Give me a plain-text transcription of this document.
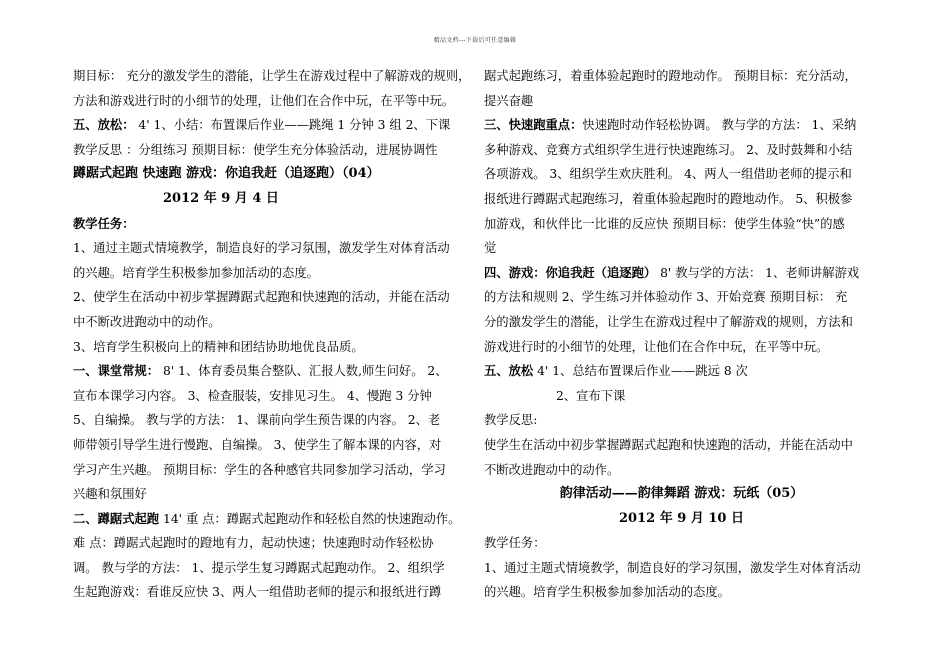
精品文档---下载后可任意编辑

期目标： 充分的激发学生的潜能，让学生在游戏过程中了解游戏的规则，

方法和游戏进行时的小细节的处理，让他们在合作中玩，在平等中玩。

五、放松： 4' 1、小结：布置课后作业——跳绳 1 分钟 3 组 2、下课

教学反思 ：分组练习 预期目标：使学生充分体验活动，进展协调性

蹲踞式起跑 快速跑 游戏：你追我赶（追逐跑）（04）

2012 年 9 月 4 日

教学任务：

1、通过主题式情境教学，制造良好的学习氛围，激发学生对体育活动

的兴趣。培育学生积极参加参加活动的态度。

2、使学生在活动中初步掌握蹲踞式起跑和快速跑的活动，并能在活动

中不断改进跑动中的动作。

3、培育学生积极向上的精神和团结协助地优良品质。

一、课堂常规： 8' 1、体育委员集合整队、汇报人数,师生问好。 2、

宣布本课学习内容。 3、检查服装，安排见习生。 4、慢跑 3 分钟

5、自编操。 教与学的方法： 1、课前向学生预告课的内容。 2、老

师带领引导学生进行慢跑、自编操。 3、使学生了解本课的内容，对

学习产生兴趣。 预期目标：学生的各种感官共同参加学习活动，学习

兴趣和氛围好

二、蹲踞式起跑 14' 重 点：蹲踞式起跑动作和轻松自然的快速跑动作。

难 点：蹲踞式起跑时的蹬地有力，起动快速；快速跑时动作轻松协

调。 教与学的方法： 1、提示学生复习蹲踞式起跑动作。 2、组织学

生起跑游戏：看谁反应快 3、两人一组借助老师的提示和报纸进行蹲

踞式起跑练习，着重体验起跑时的蹬地动作。 预期目标：充分活动，

提兴奋趣

三、快速跑重点：快速跑时动作轻松协调。 教与学的方法： 1、采纳

多种游戏、竞赛方式组织学生进行快速跑练习。 2、及时鼓舞和小结

各项游戏。 3、组织学生欢庆胜利。 4、两人一组借助老师的提示和

报纸进行蹲踞式起跑练习，着重体验起跑时的蹬地动作。 5、积极参

加游戏，和伙伴比一比谁的反应快 预期目标：使学生体验“快”的感

觉

四、游戏：你追我赶（追逐跑） 8' 教与学的方法： 1、老师讲解游戏

的方法和规则 2、学生练习并体验动作 3、开始竞赛 预期目标： 充

分的激发学生的潜能，让学生在游戏过程中了解游戏的规则，方法和

游戏进行时的小细节的处理，让他们在合作中玩，在平等中玩。

五、放松 4' 1、总结布置课后作业——跳远 8 次

2、宣布下课

教学反思:

使学生在活动中初步掌握蹲踞式起跑和快速跑的活动，并能在活动中

不断改进跑动中的动作。

韵律活动——韵律舞蹈 游戏：玩纸（05）

2012 年 9 月 10 日

教学任务：

1、通过主题式情境教学，制造良好的学习氛围，激发学生对体育活动

的兴趣。培育学生积极参加参加活动的态度。
